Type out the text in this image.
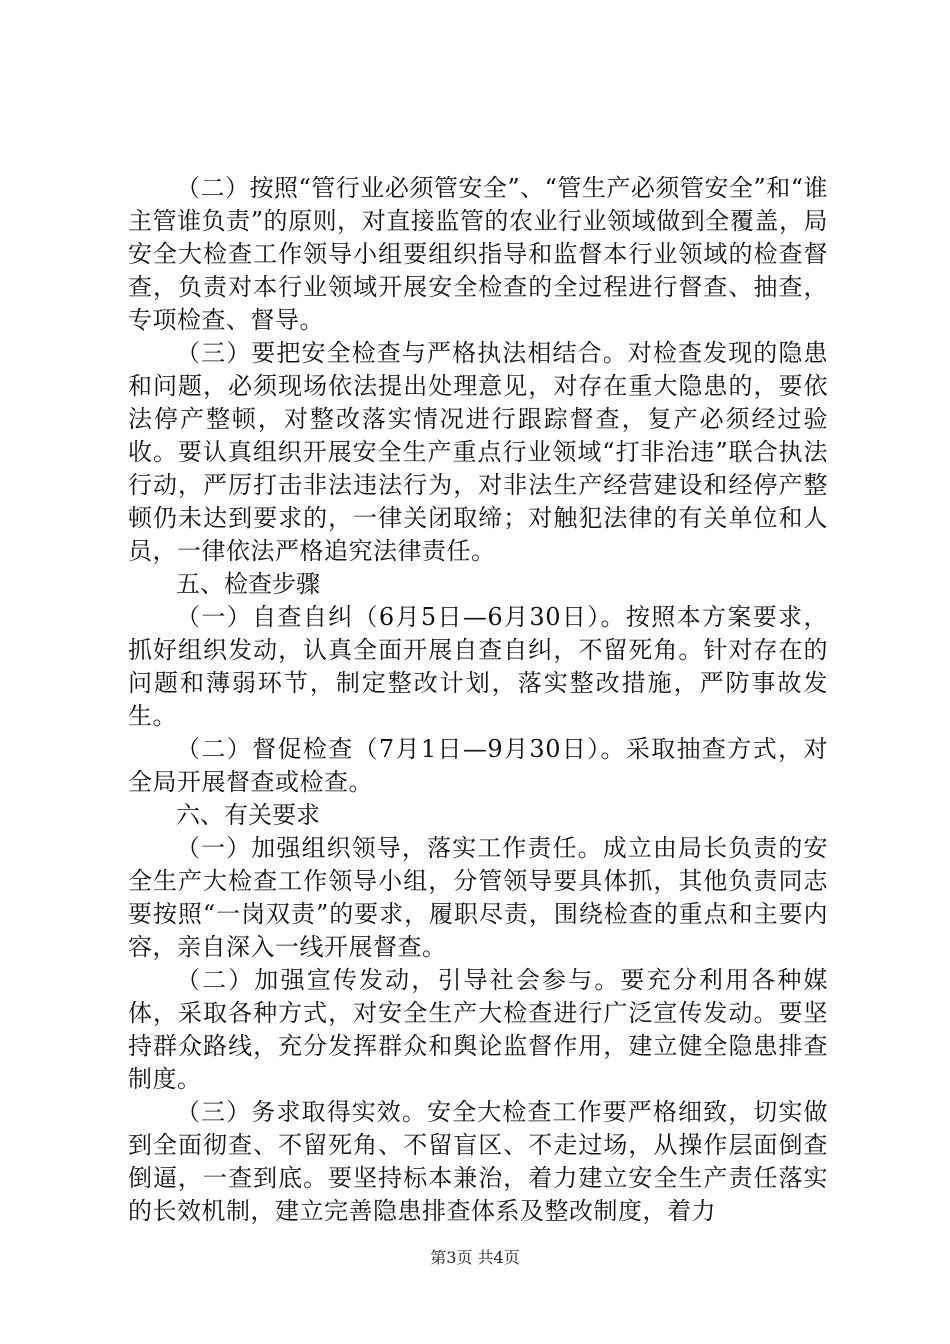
（二）按照“管行业必须管安全”、“管生产必须管安全”和“谁主管谁负责”的原则，对直接监管的农业行业领域做到全覆盖，局安全大检查工作领导小组要组织指导和监督本行业领域的检查督查，负责对本行业领域开展安全检查的全过程进行督查、抽查，专项检查、督导。

（三）要把安全检查与严格执法相结合。对检查发现的隐患和问题，必须现场依法提出处理意见，对存在重大隐患的，要依法停产整顿，对整改落实情况进行跟踪督查，复产必须经过验收。要认真组织开展安全生产重点行业领域“打非治违”联合执法行动，严厉打击非法违法行为，对非法生产经营建设和经停产整顿仍未达到要求的，一律关闭取缔；对触犯法律的有关单位和人员，一律依法严格追究法律责任。

五、检查步骤

（一）自查自纠（6月5日—6月30日）。按照本方案要求，抓好组织发动，认真全面开展自查自纠，不留死角。针对存在的问题和薄弱环节，制定整改计划，落实整改措施，严防事故发生。

（二）督促检查（7月1日—9月30日）。采取抽查方式，对全局开展督查或检查。

六、有关要求

（一）加强组织领导，落实工作责任。成立由局长负责的安全生产大检查工作领导小组，分管领导要具体抓，其他负责同志要按照“一岗双责”的要求，履职尽责，围绕检查的重点和主要内容，亲自深入一线开展督查。

（二）加强宣传发动，引导社会参与。要充分利用各种媒体，采取各种方式，对安全生产大检查进行广泛宣传发动。要坚持群众路线，充分发挥群众和舆论监督作用，建立健全隐患排查制度。

（三）务求取得实效。安全大检查工作要严格细致，切实做到全面彻查、不留死角、不留盲区、不走过场，从操作层面倒查倒逼，一查到底。要坚持标本兼治，着力建立安全生产责任落实的长效机制，建立完善隐患排查体系及整改制度，着力

第3页 共4页
